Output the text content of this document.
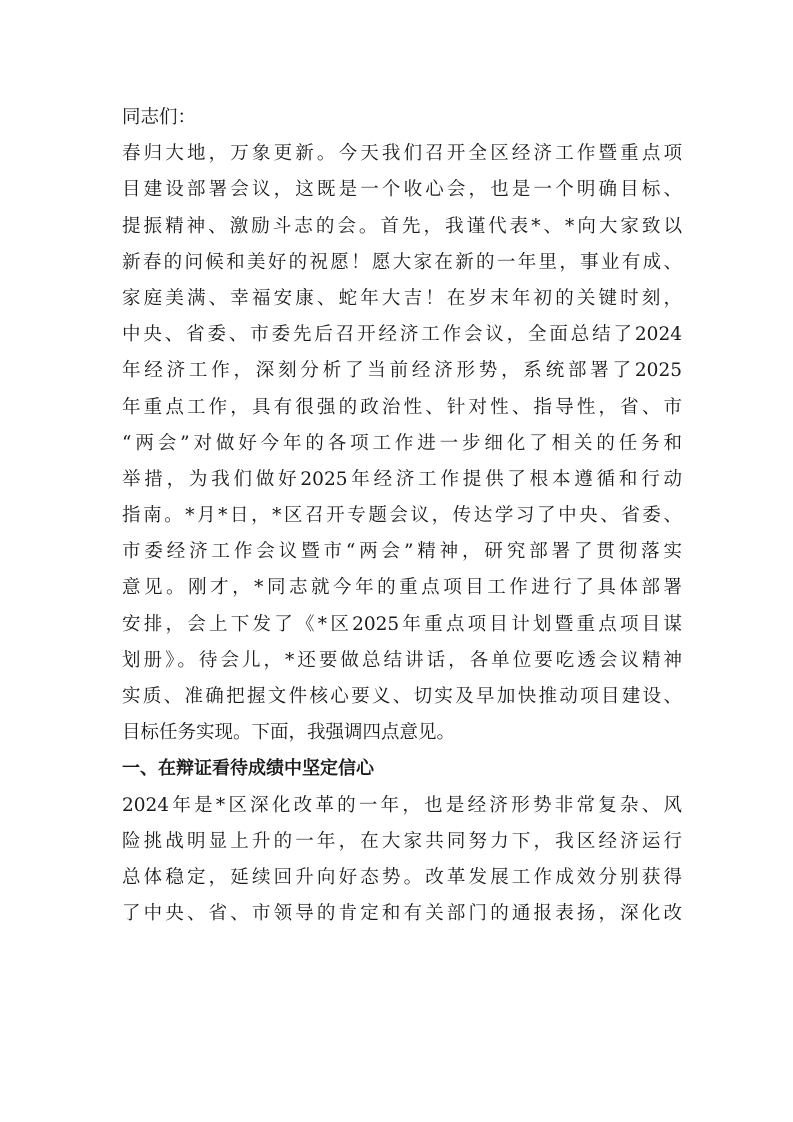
同志们：
春归大地，万象更新。今天我们召开全区经济工作暨重点项
目建设部署会议，这既是一个收心会，也是一个明确目标、
提振精神、激励斗志的会。首先，我谨代表*、*向大家致以
新春的问候和美好的祝愿！愿大家在新的一年里，事业有成、
家庭美满、幸福安康、蛇年大吉！在岁末年初的关键时刻，
中央、省委、市委先后召开经济工作会议，全面总结了2024
年经济工作，深刻分析了当前经济形势，系统部署了2025
年重点工作，具有很强的政治性、针对性、指导性，省、市
“两会”对做好今年的各项工作进一步细化了相关的任务和
举措，为我们做好2025年经济工作提供了根本遵循和行动
指南。*月*日，*区召开专题会议，传达学习了中央、省委、
市委经济工作会议暨市“两会”精神，研究部署了贯彻落实
意见。刚才，*同志就今年的重点项目工作进行了具体部署
安排，会上下发了《*区2025年重点项目计划暨重点项目谋
划册》。待会儿，*还要做总结讲话，各单位要吃透会议精神
实质、准确把握文件核心要义、切实及早加快推动项目建设、
目标任务实现。下面，我强调四点意见。
一、在辩证看待成绩中坚定信心
2024年是*区深化改革的一年，也是经济形势非常复杂、风
险挑战明显上升的一年，在大家共同努力下，我区经济运行
总体稳定，延续回升向好态势。改革发展工作成效分别获得
了中央、省、市领导的肯定和有关部门的通报表扬，深化改
